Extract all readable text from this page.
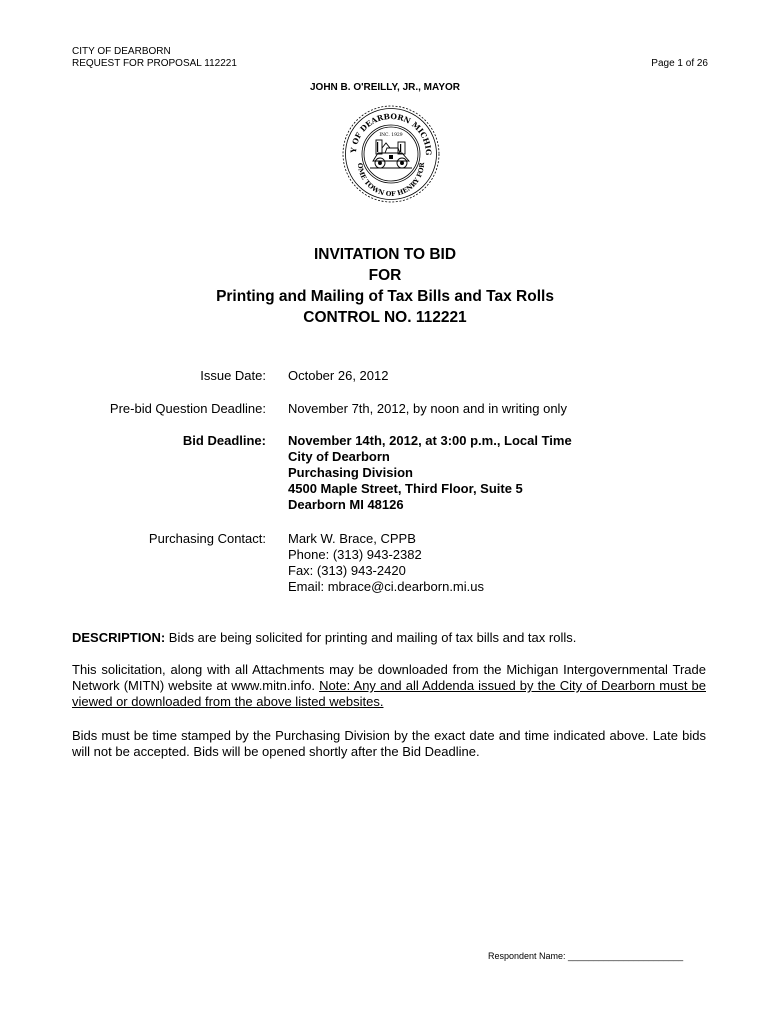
CITY OF DEARBORN
REQUEST FOR PROPOSAL 112221	Page 1 of 26
JOHN B. O'REILLY, JR., MAYOR
Y OF DEARBORN MICHIG
OME TOWN OF HENRY FOR
INC. 1929
INVITATION TO BID
FOR
Printing and Mailing of Tax Bills and Tax Rolls
CONTROL NO. 112221
Issue Date: October 26, 2012
Pre-bid Question Deadline: November 7th, 2012, by noon and in writing only
Bid Deadline: November 14th, 2012, at 3:00 p.m., Local Time
City of Dearborn
Purchasing Division
4500 Maple Street, Third Floor, Suite 5
Dearborn MI 48126
Purchasing Contact: Mark W. Brace, CPPB
Phone: (313) 943-2382
Fax: (313) 943-2420
Email: mbrace@ci.dearborn.mi.us
DESCRIPTION: Bids are being solicited for printing and mailing of tax bills and tax rolls.
This solicitation, along with all Attachments may be downloaded from the Michigan Intergovernmental Trade Network (MITN) website at www.mitn.info. Note: Any and all Addenda issued by the City of Dearborn must be viewed or downloaded from the above listed websites.
Bids must be time stamped by the Purchasing Division by the exact date and time indicated above. Late bids will not be accepted. Bids will be opened shortly after the Bid Deadline.
Respondent Name: _______________________
